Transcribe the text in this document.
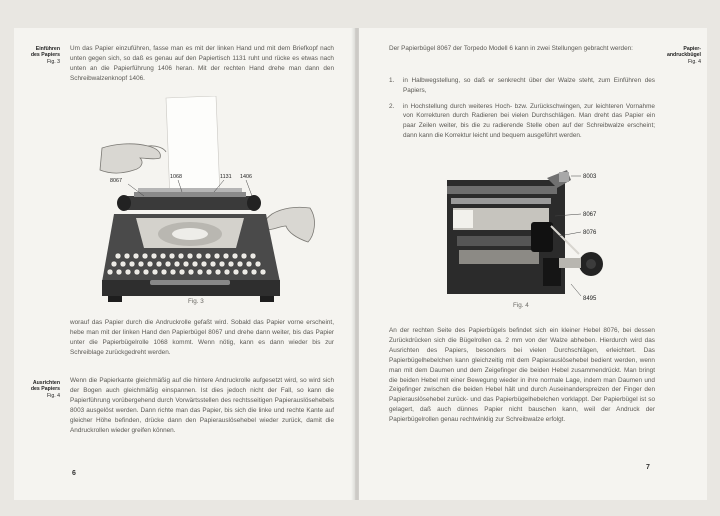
Einführen
des Papiers
Fig. 3

Um das Papier einzuführen, fasse man es mit der linken Hand und mit dem Briefkopf nach unten gegen sich, so daß es genau auf den Papiertisch 1131 ruht und rücke es etwas nach unten an die Papierführung 1406 heran. Mit der rechten Hand drehe man dann den Schreibwalzenknopf 1406.

8067
1068	1131 1406
Fig. 3

worauf das Papier durch die Andruckrolle gefaßt wird. Sobald das Papier vorne erscheint, hebe man mit der linken Hand den Papierbügel 8067 und drehe dann weiter, bis das Papier unter die Papierbügelrolle 1068 kommt. Wenn nötig, kann es dann wieder bis zur Schreiblage zurückgedreht werden.

Ausrichten
des Papiers
Fig. 4

Wenn die Papierkante gleichmäßig auf die hintere Andruckrolle aufgesetzt wird, so wird sich der Bogen auch gleichmäßig einspannen. Ist dies jedoch nicht der Fall, so kann die Papierführung vorübergehend durch Vorwärtsstellen des rechtsseitigen Papierauslösehebels 8003 ausgelöst werden. Dann richte man das Papier, bis sich die linke und rechte Kante auf gleicher Höhe befinden, drücke dann den Papierauslösehebel wieder zurück, damit die Andruckrollen wieder greifen können.

6

Der Papierbügel 8067 der Torpedo Modell 6 kann in zwei Stellungen gebracht werden:	Papier-
andruckbügel
Fig. 4
1. in Halbwegstellung, so daß er senkrecht über der Walze steht, zum Einführen des Papiers,
2. in Hochstellung durch weiteres Hoch- bzw. Zurückschwingen, zur leichteren Vornahme von Korrekturen durch Radieren bei vielen Durchschlägen. Man dreht das Papier ein paar Zeilen weiter, bis die zu radierende Stelle oben auf der Schreibwalze erscheint; dann kann die Korrektur leicht und bequem ausgeführt werden.
8003
8067
8076
8495
Fig. 4

An der rechten Seite des Papierbügels befindet sich ein kleiner Hebel 8076, bei dessen Zurückdrücken sich die Bügelrollen ca. 2 mm von der Walze abheben. Hierdurch wird das Ausrichten des Papiers, besonders bei vielen Durchschlägen, erleichtert. Das Papierbügelhebelchen kann gleichzeitig mit dem Papierauslösehebel bedient werden, wenn man mit dem Daumen und dem Zeigefinger die beiden Hebel zusammendrückt. Man bringt die beiden Hebel mit einer Bewegung wieder in ihre normale Lage, indem man Daumen und Zeigefinger zwischen die beiden Hebel hält und durch Auseinanderspreizen der Finger den Papierauslösehebel zurück- und das Papierbügelhebelchen vorklappt. Der Papierbügel ist so gelagert, daß auch dünnes Papier nicht bauschen kann, weil der Andruck der Papierbügelrollen genau rechtwinklig zur Schreibwalze erfolgt.

7
